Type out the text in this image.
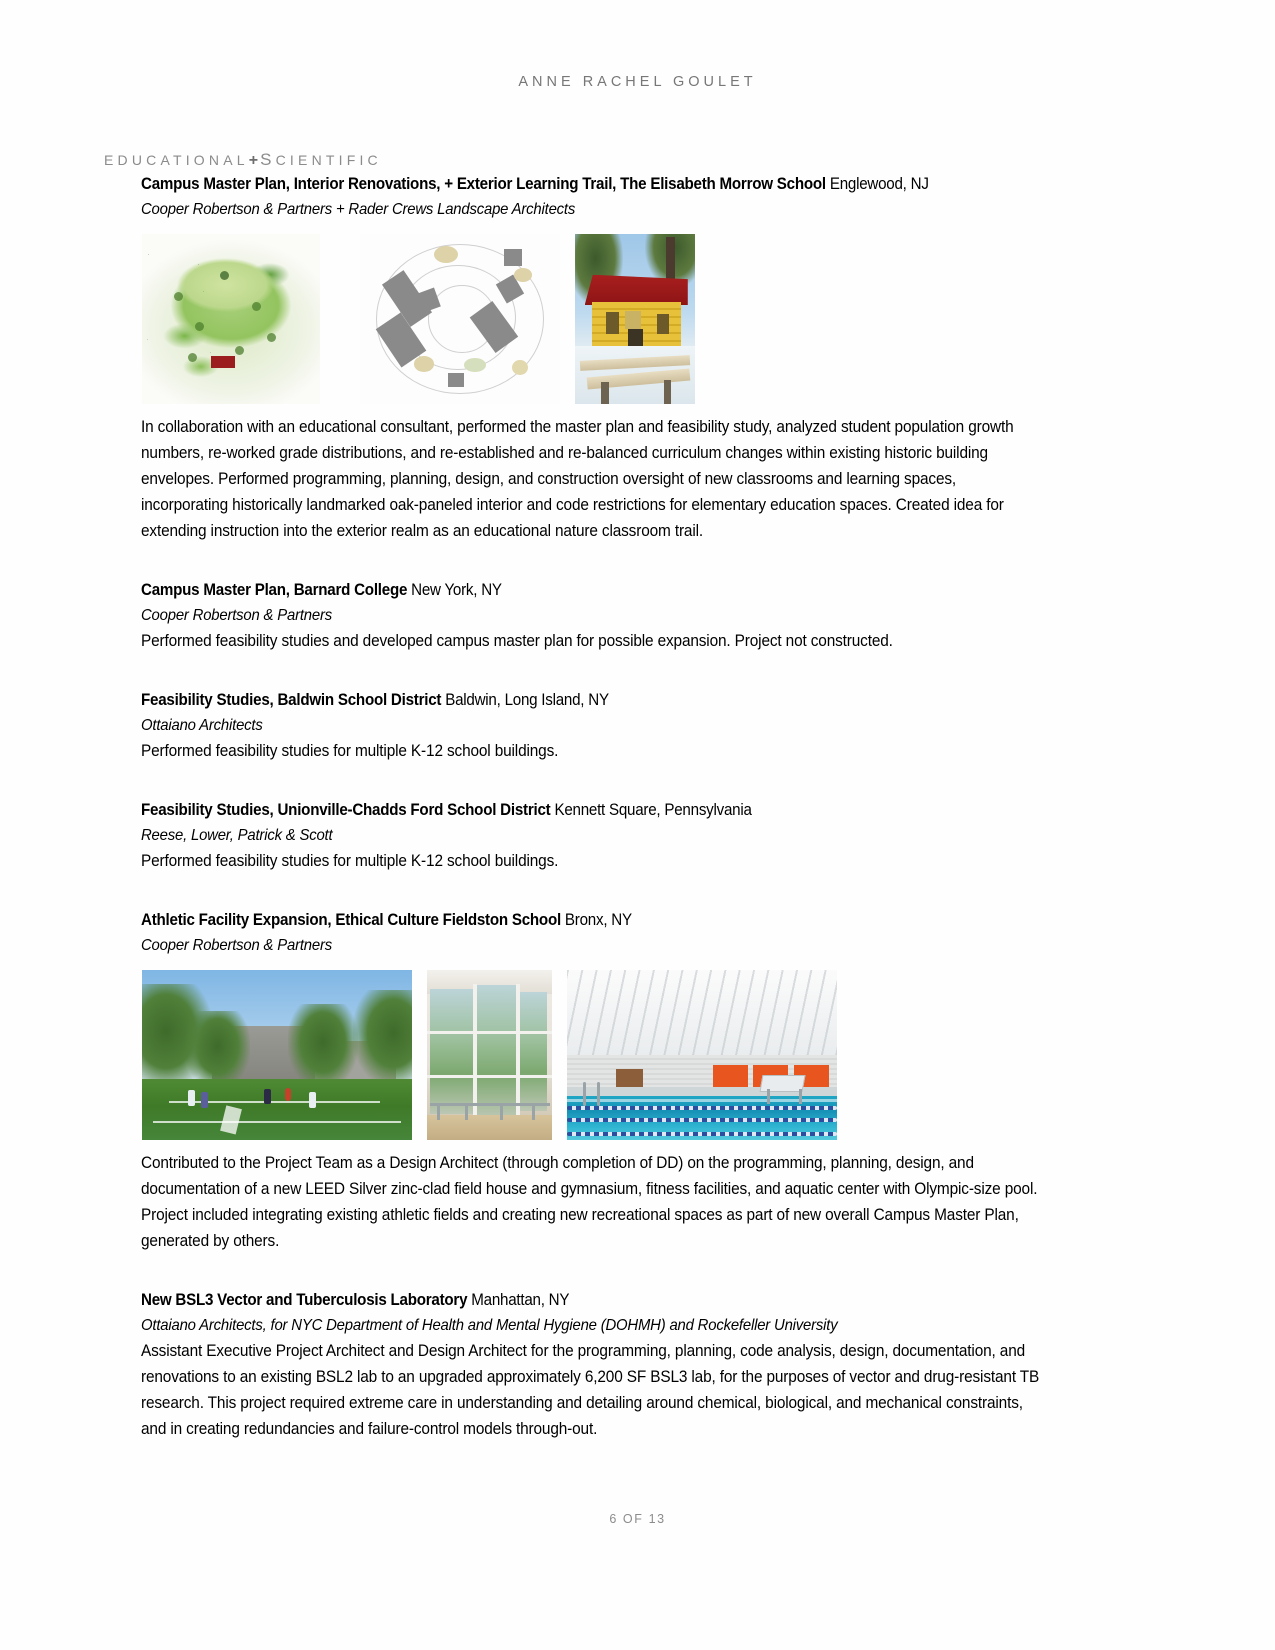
ANNE RACHEL GOULET
EDUCATIONAL+SCIENTIFIC
Campus Master Plan, Interior Renovations, + Exterior Learning Trail, The Elisabeth Morrow School Englewood, NJ
Cooper Robertson & Partners + Rader Crews Landscape Architects
In collaboration with an educational consultant, performed the master plan and feasibility study, analyzed student population growth numbers, re-worked grade distributions, and re-established and re-balanced curriculum changes within existing historic building envelopes. Performed programming, planning, design, and construction oversight of new classrooms and learning spaces, incorporating historically landmarked oak-paneled interior and code restrictions for elementary education spaces. Created idea for extending instruction into the exterior realm as an educational nature classroom trail.
Campus Master Plan, Barnard College New York, NY
Cooper Robertson & Partners
Performed feasibility studies and developed campus master plan for possible expansion. Project not constructed.
Feasibility Studies, Baldwin School District Baldwin, Long Island, NY
Ottaiano Architects
Performed feasibility studies for multiple K-12 school buildings.
Feasibility Studies, Unionville-Chadds Ford School District Kennett Square, Pennsylvania
Reese, Lower, Patrick & Scott
Performed feasibility studies for multiple K-12 school buildings.
Athletic Facility Expansion, Ethical Culture Fieldston School Bronx, NY
Cooper Robertson & Partners
Contributed to the Project Team as a Design Architect (through completion of DD) on the programming, planning, design, and documentation of a new LEED Silver zinc-clad field house and gymnasium, fitness facilities, and aquatic center with Olympic-size pool. Project included integrating existing athletic fields and creating new recreational spaces as part of new overall Campus Master Plan, generated by others.
New BSL3 Vector and Tuberculosis Laboratory Manhattan, NY
Ottaiano Architects, for NYC Department of Health and Mental Hygiene (DOHMH) and Rockefeller University
Assistant Executive Project Architect and Design Architect for the programming, planning, code analysis, design, documentation, and renovations to an existing BSL2 lab to an upgraded approximately 6,200 SF BSL3 lab, for the purposes of vector and drug-resistant TB research. This project required extreme care in understanding and detailing around chemical, biological, and mechanical constraints, and in creating redundancies and failure-control models through-out.
6 OF 13
